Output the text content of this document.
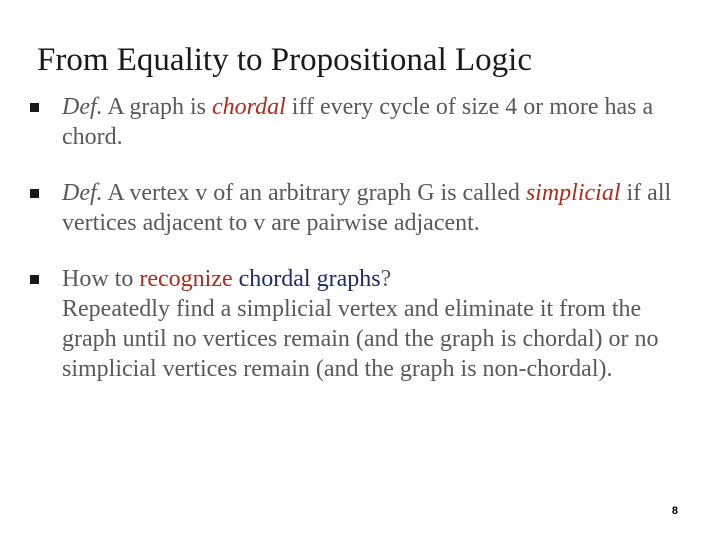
From Equality to Propositional Logic
Def. A graph is chordal iff every cycle of size 4 or more has a chord.
Def. A vertex v of an arbitrary graph G is called simplicial if all vertices adjacent to v are pairwise adjacent.
How to recognize chordal graphs?
Repeatedly find a simplicial vertex and eliminate it from the graph until no vertices remain (and the graph is chordal) or no simplicial vertices remain (and the graph is non-chordal).
8
